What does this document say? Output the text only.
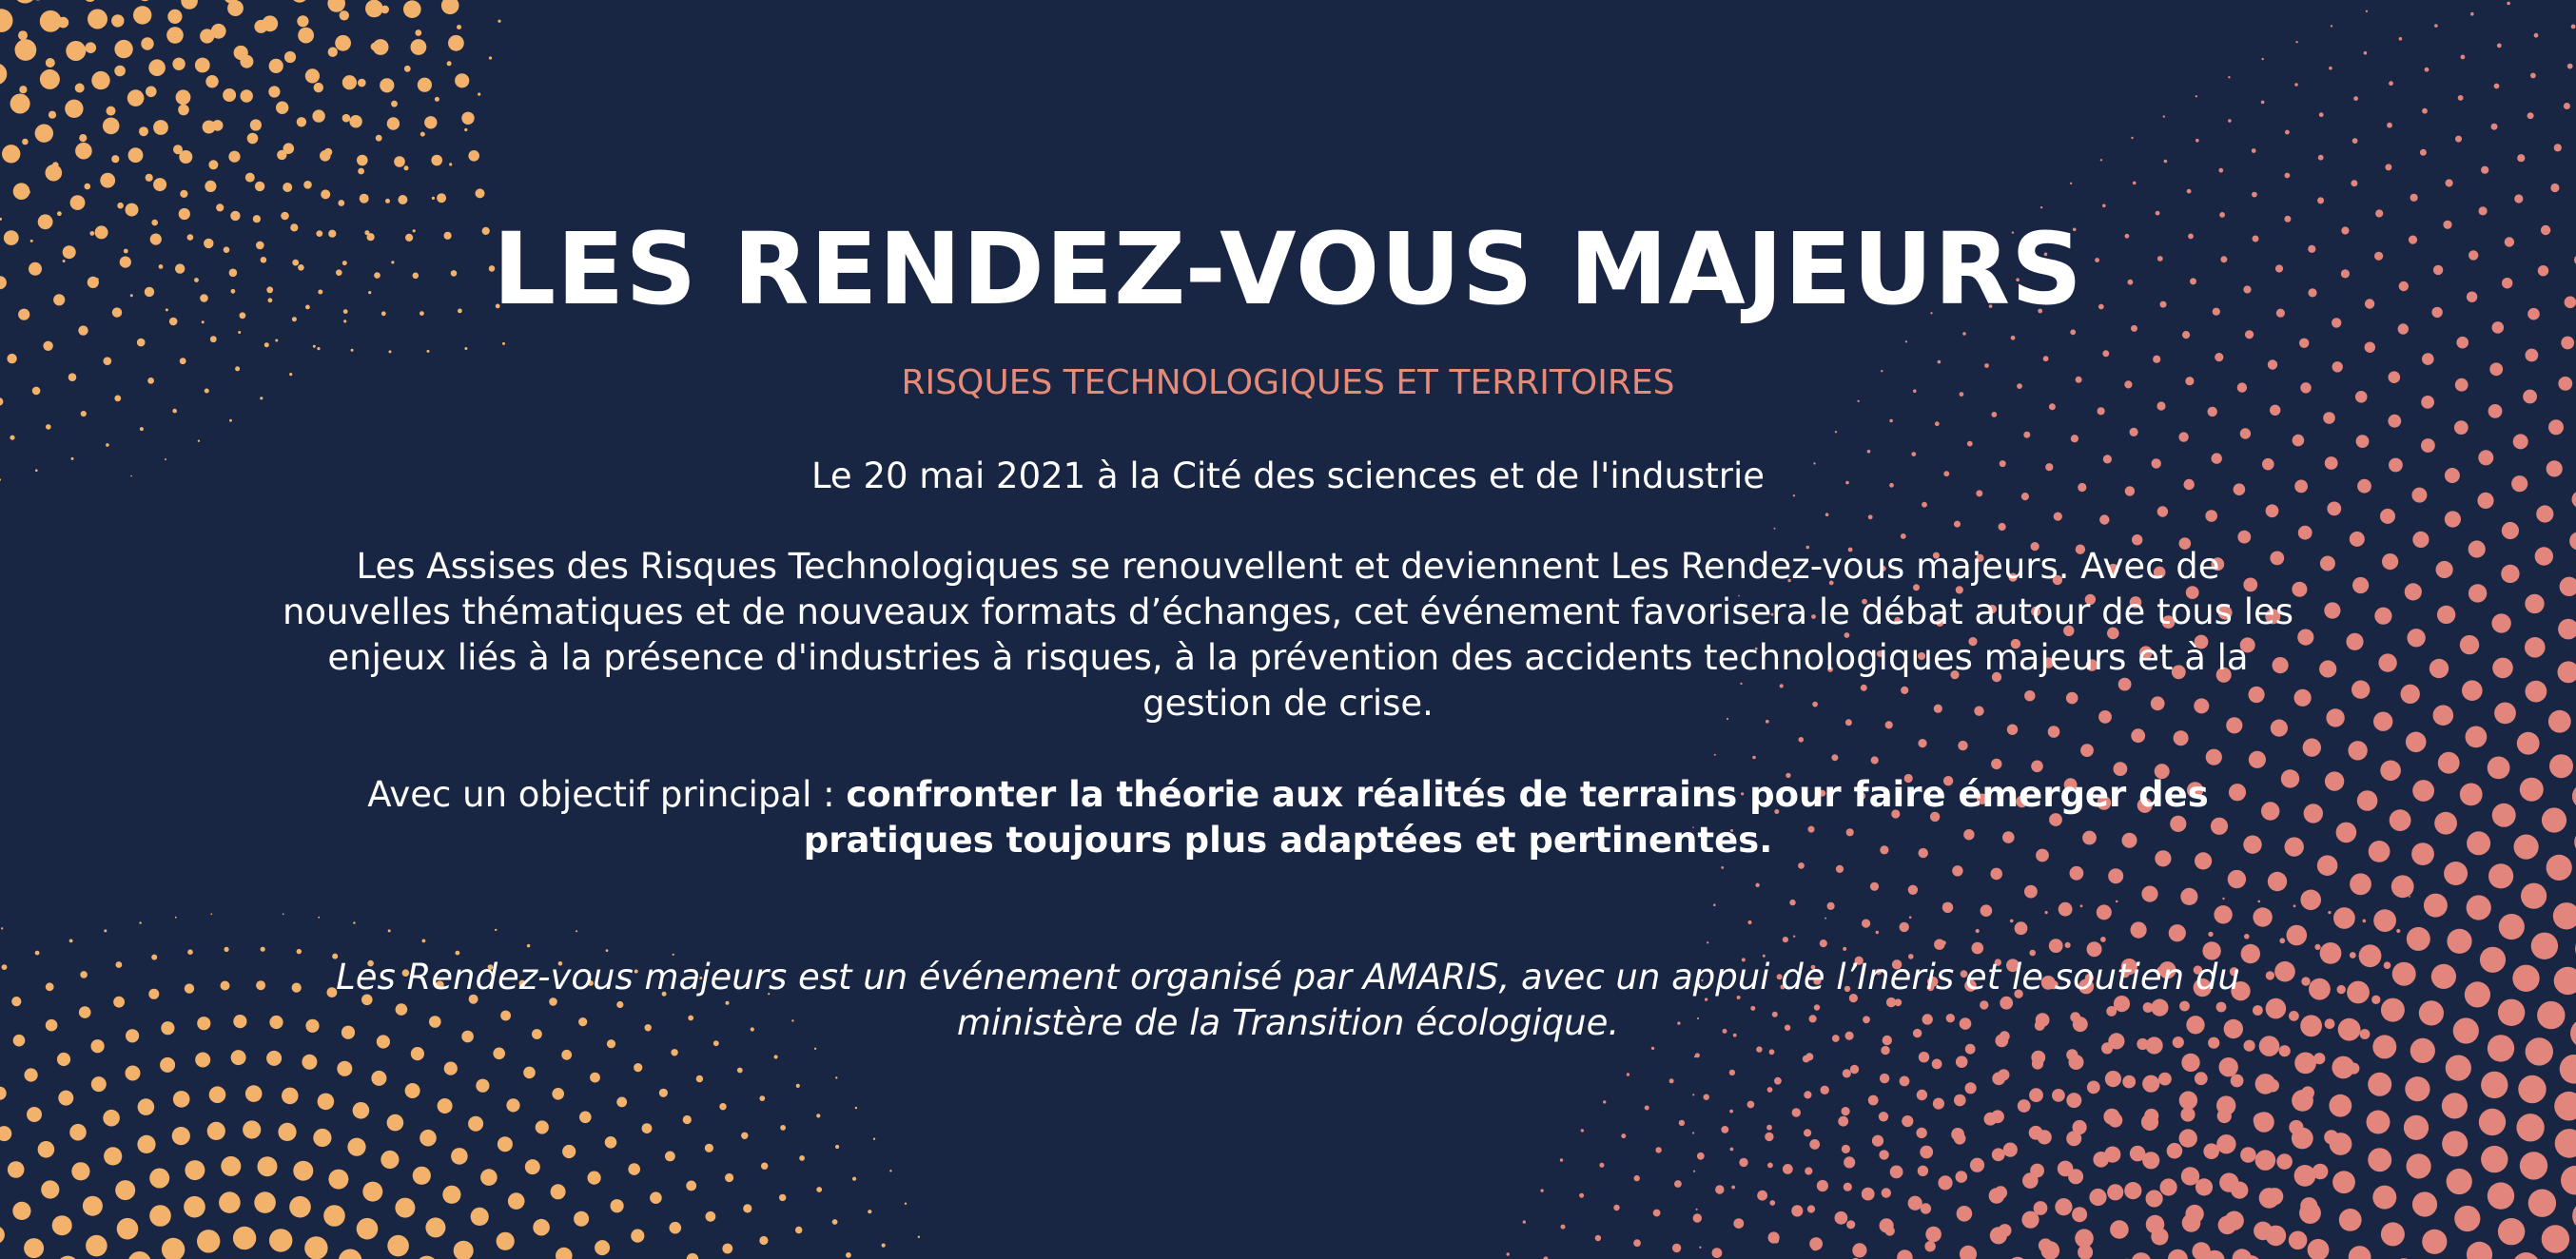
LES RENDEZ-VOUS MAJEURS

RISQUES TECHNOLOGIQUES ET TERRITOIRES

Le 20 mai 2021 à la Cité des sciences et de l'industrie

Les Assises des Risques Technologiques se renouvellent et deviennent Les Rendez-vous majeurs. Avec de nouvelles thématiques et de nouveaux formats d’échanges, cet événement favorisera le débat autour de tous les enjeux liés à la présence d'industries à risques, à la prévention des accidents technologiques majeurs et à la gestion de crise.

Avec un objectif principal : confronter la théorie aux réalités de terrains pour faire émerger des pratiques toujours plus adaptées et pertinentes.

Les Rendez-vous majeurs est un événement organisé par AMARIS, avec un appui de l’Ineris et le soutien du ministère de la Transition écologique.
